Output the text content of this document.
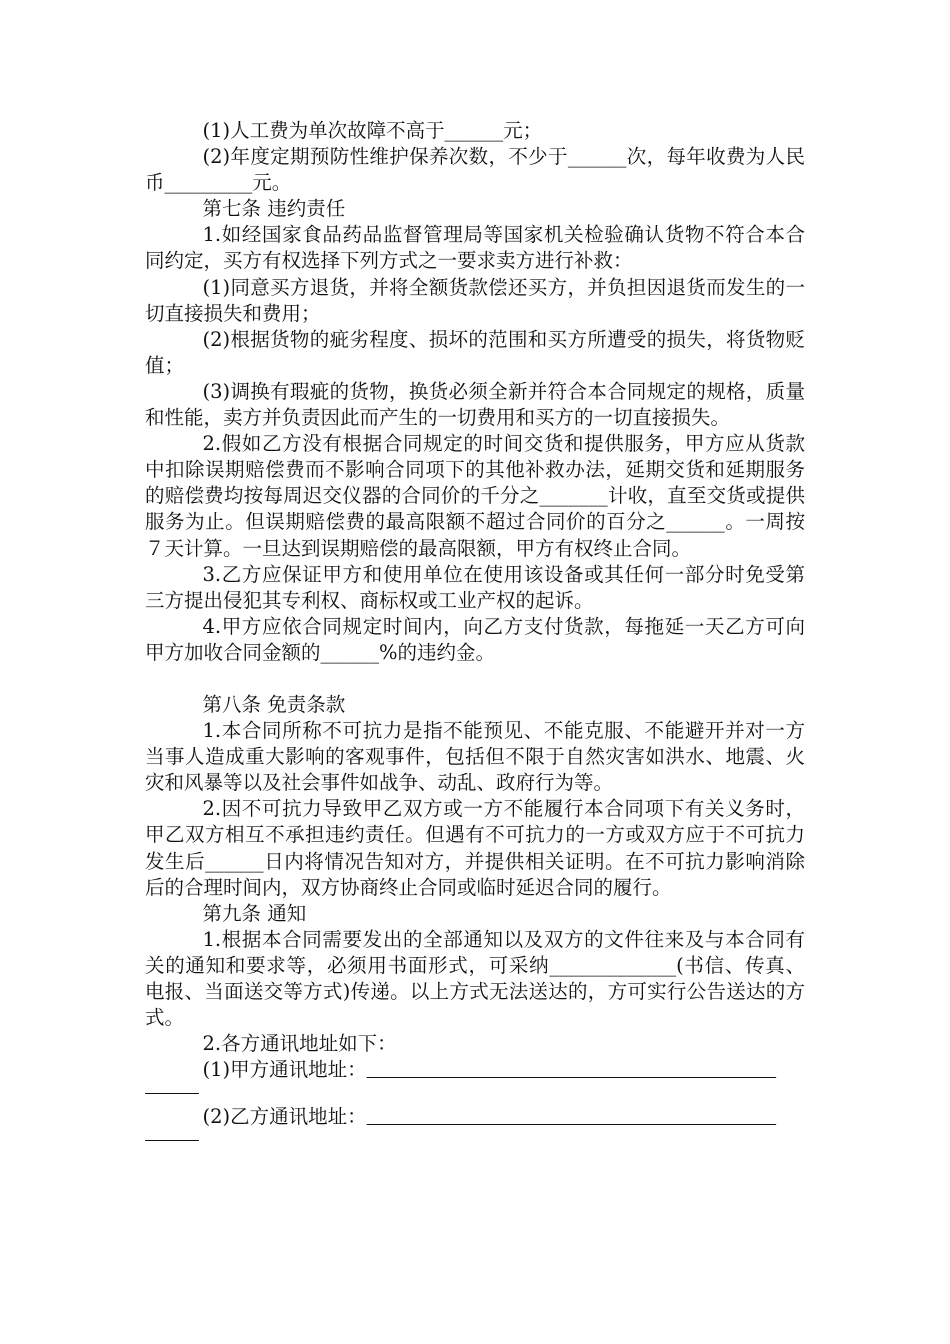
(1)人工费为单次故障不高于______元；

(2)年度定期预防性维护保养次数，不少于______次，每年收费为人民币_________元。

第七条 违约责任

1.如经国家食品药品监督管理局等国家机关检验确认货物不符合本合同约定，买方有权选择下列方式之一要求卖方进行补救：

(1)同意买方退货，并将全额货款偿还买方，并负担因退货而发生的一切直接损失和费用；

(2)根据货物的疵劣程度、损坏的范围和买方所遭受的损失，将货物贬值；

(3)调换有瑕疵的货物，换货必须全新并符合本合同规定的规格，质量和性能，卖方并负责因此而产生的一切费用和买方的一切直接损失。

2.假如乙方没有根据合同规定的时间交货和提供服务，甲方应从货款中扣除误期赔偿费而不影响合同项下的其他补救办法，延期交货和延期服务的赔偿费均按每周迟交仪器的合同价的千分之_______计收，直至交货或提供服务为止。但误期赔偿费的最高限额不超过合同价的百分之______。一周按７天计算。一旦达到误期赔偿的最高限额，甲方有权终止合同。

3.乙方应保证甲方和使用单位在使用该设备或其任何一部分时免受第三方提出侵犯其专利权、商标权或工业产权的起诉。

4.甲方应依合同规定时间内，向乙方支付货款，每拖延一天乙方可向甲方加收合同金额的______%的违约金。

第八条 免责条款

1.本合同所称不可抗力是指不能预见、不能克服、不能避开并对一方当事人造成重大影响的客观事件，包括但不限于自然灾害如洪水、地震、火灾和风暴等以及社会事件如战争、动乱、政府行为等。

2.因不可抗力导致甲乙双方或一方不能履行本合同项下有关义务时，甲乙双方相互不承担违约责任。但遇有不可抗力的一方或双方应于不可抗力发生后______日内将情况告知对方，并提供相关证明。在不可抗力影响消除后的合理时间内，双方协商终止合同或临时延迟合同的履行。

第九条 通知

1.根据本合同需要发出的全部通知以及双方的文件往来及与本合同有关的通知和要求等，必须用书面形式，可采纳_____________(书信、传真、电报、当面送交等方式)传递。以上方式无法送达的，方可实行公告送达的方式。

2.各方通讯地址如下：

(1)甲方通讯地址：                                          

(2)乙方通讯地址：                                          
